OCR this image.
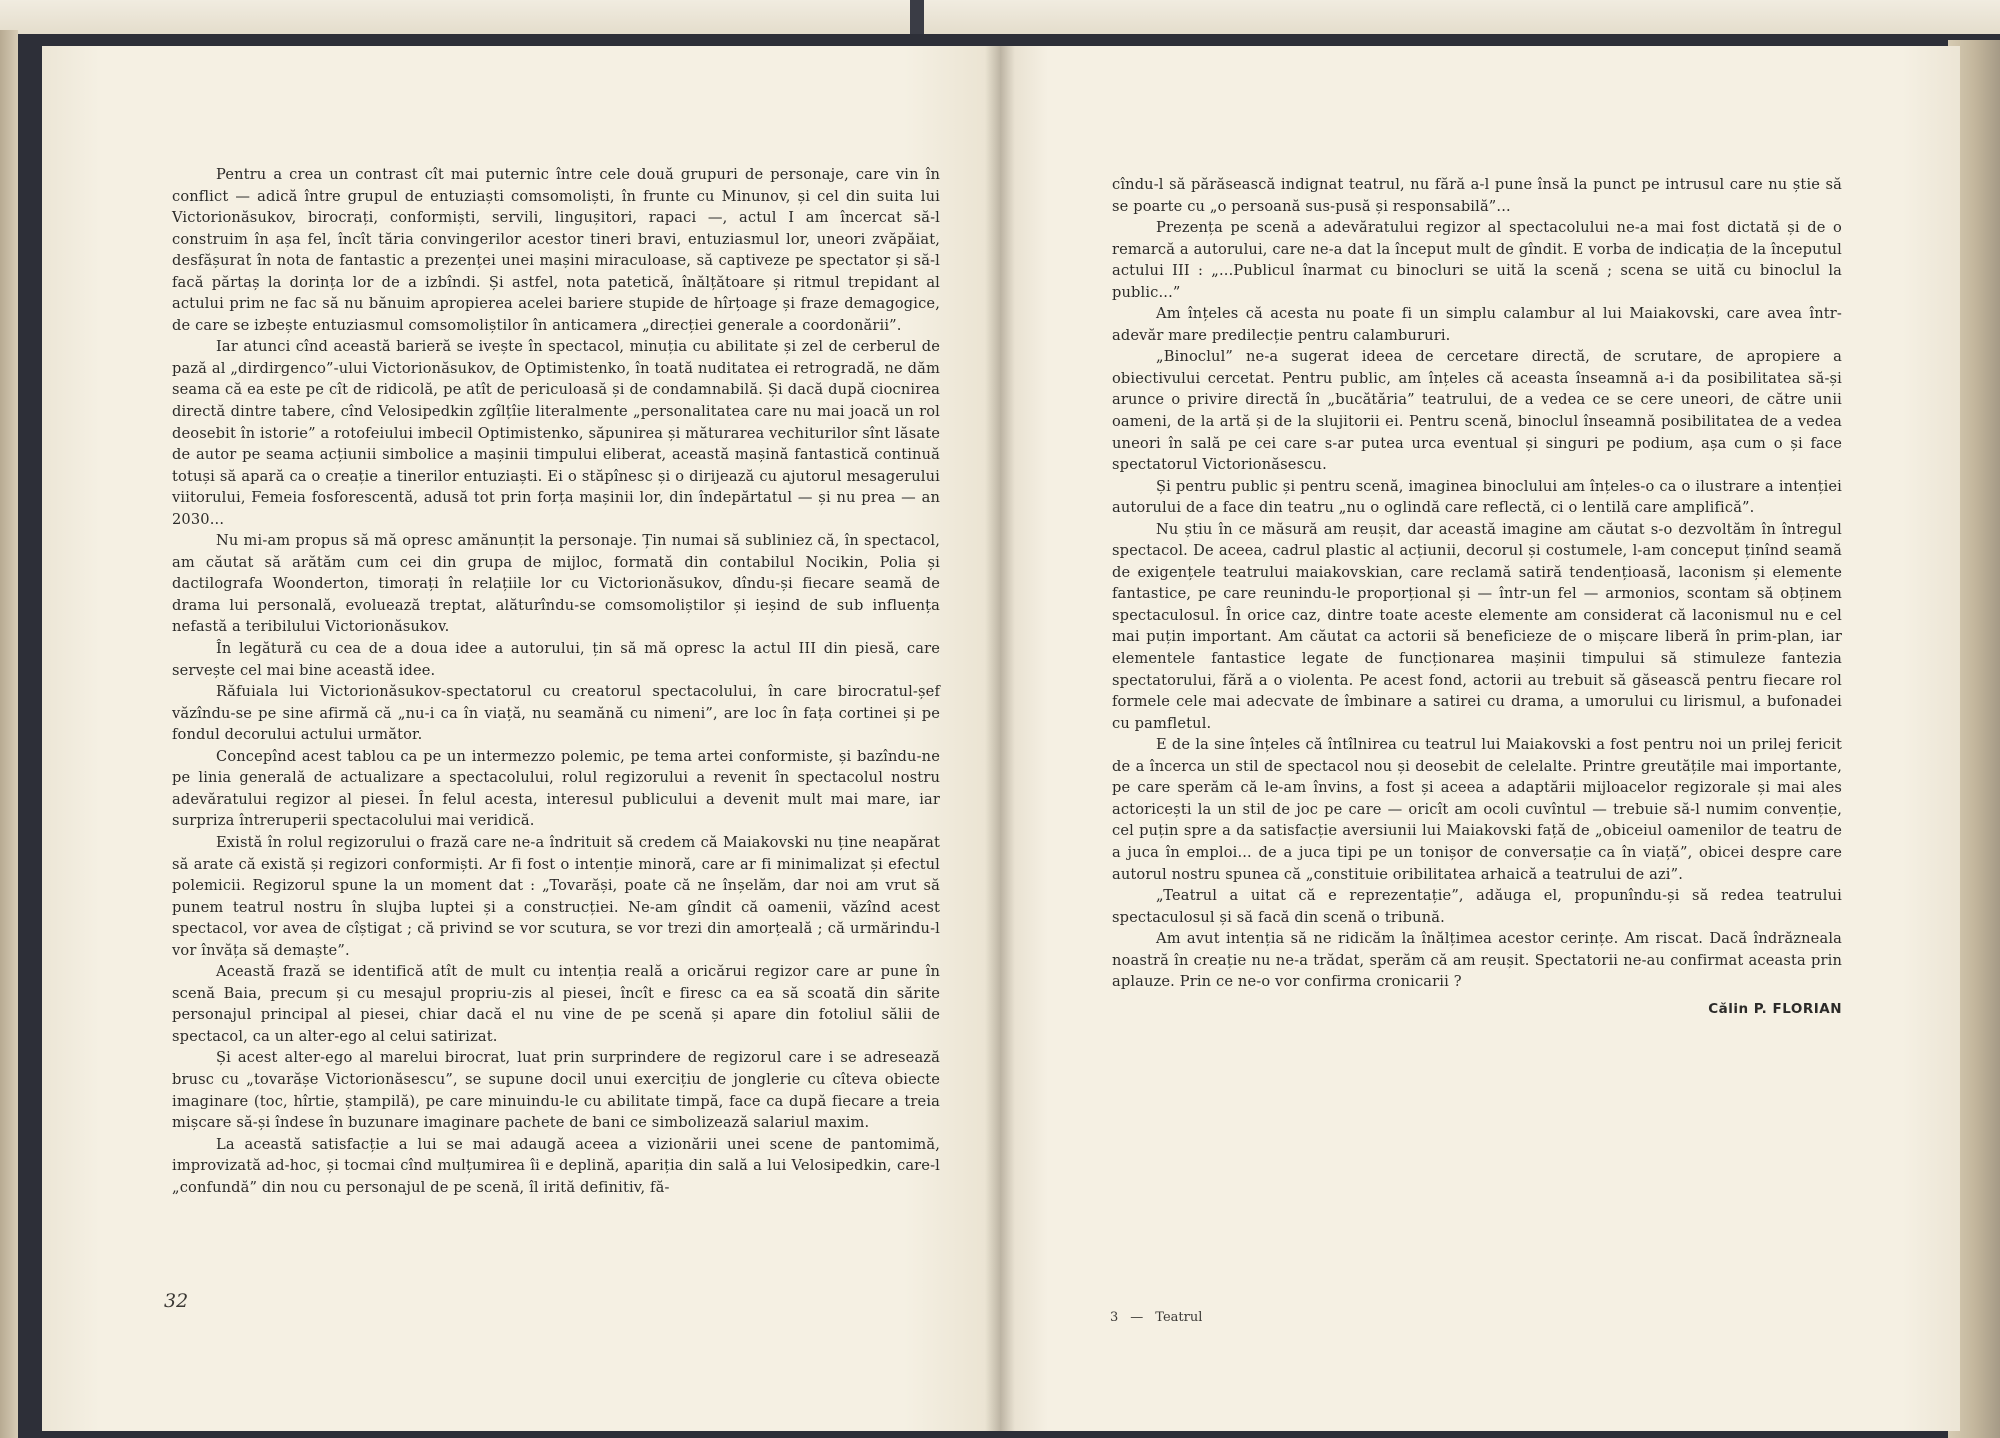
Pentru a crea un contrast cît mai puternic între cele două grupuri de personaje, care vin în conflict — adică între grupul de entuziaști comsomoliști, în frunte cu Minunov, și cel din suita lui Victorionăsukov, birocrați, conformiști, servili, lingușitori, rapaci —, actul I am încercat să-l construim în așa fel, încît tăria convingerilor acestor tineri bravi, entuziasmul lor, uneori zvăpăiat, desfășurat în nota de fantastic a prezenței unei mașini miraculoase, să captiveze pe spectator și să-l facă părtaș la dorința lor de a izbîndi. Și astfel, nota patetică, înălțătoare și ritmul trepidant al actului prim ne fac să nu bănuim apropierea acelei bariere stupide de hîrțoage și fraze demagogice, de care se izbește entuziasmul comsomoliștilor în anticamera „direcției generale a coordonării”.

Iar atunci cînd această barieră se ivește în spectacol, minuția cu abilitate și zel de cerberul de pază al „dirdirgenco”-ului Victorionăsukov, de Optimistenko, în toată nuditatea ei retrogradă, ne dăm seama că ea este pe cît de ridicolă, pe atît de periculoasă și de condamnabilă. Și dacă după ciocnirea directă dintre tabere, cînd Velosipedkin zgîlțîie literalmente „personalitatea care nu mai joacă un rol deosebit în istorie” a rotofeiului imbecil Optimistenko, săpunirea și măturarea vechiturilor sînt lăsate de autor pe seama acțiunii simbolice a mașinii timpului eliberat, această mașină fantastică continuă totuși să apară ca o creație a tinerilor entuziaști. Ei o stăpînesc și o dirijează cu ajutorul mesagerului viitorului, Femeia fosforescentă, adusă tot prin forța mașinii lor, din îndepărtatul — și nu prea — an 2030...

Nu mi-am propus să mă opresc amănunțit la personaje. Țin numai să subliniez că, în spectacol, am căutat să arătăm cum cei din grupa de mijloc, formată din contabilul Nocikin, Polia și dactilografa Woonderton, timorați în relațiile lor cu Victorionăsukov, dîndu-și fiecare seamă de drama lui personală, evoluează treptat, alăturîndu-se comsomoliștilor și ieșind de sub influența nefastă a teribilului Victorionăsukov.

În legătură cu cea de a doua idee a autorului, țin să mă opresc la actul III din piesă, care servește cel mai bine această idee.

Răfuiala lui Victorionăsukov-spectatorul cu creatorul spectacolului, în care birocratul-șef văzîndu-se pe sine afirmă că „nu-i ca în viață, nu seamănă cu nimeni”, are loc în fața cortinei și pe fondul decorului actului următor.

Concepînd acest tablou ca pe un intermezzo polemic, pe tema artei conformiste, și bazîndu-ne pe linia generală de actualizare a spectacolului, rolul regizorului a revenit în spectacolul nostru adevăratului regizor al piesei. În felul acesta, interesul publicului a devenit mult mai mare, iar surpriza întreruperii spectacolului mai veridică.

Există în rolul regizorului o frază care ne-a îndrituit să credem că Maiakovski nu ține neapărat să arate că există și regizori conformiști. Ar fi fost o intenție minoră, care ar fi minimalizat și efectul polemicii. Regizorul spune la un moment dat : „Tovarăși, poate că ne înșelăm, dar noi am vrut să punem teatrul nostru în slujba luptei și a construcției. Ne-am gîndit că oamenii, văzînd acest spectacol, vor avea de cîștigat ; că privind se vor scutura, se vor trezi din amorțeală ; că urmărindu-l vor învăța să demaște”.

Această frază se identifică atît de mult cu intenția reală a oricărui regizor care ar pune în scenă Baia, precum și cu mesajul propriu-zis al piesei, încît e firesc ca ea să scoată din sărite personajul principal al piesei, chiar dacă el nu vine de pe scenă și apare din fotoliul sălii de spectacol, ca un alter-ego al celui satirizat.

Și acest alter-ego al marelui birocrat, luat prin surprindere de regizorul care i se adresează brusc cu „tovarășe Victorionăsescu”, se supune docil unui exercițiu de jonglerie cu cîteva obiecte imaginare (toc, hîrtie, ștampilă), pe care minuindu-le cu abilitate timpă, face ca după fiecare a treia mișcare să-și îndese în buzunare imaginare pachete de bani ce simbolizează salariul maxim.

La această satisfacție a lui se mai adaugă aceea a vizionării unei scene de pantomimă, improvizată ad-hoc, și tocmai cînd mulțumirea îi e deplină, apariția din sală a lui Velosipedkin, care-l „confundă” din nou cu personajul de pe scenă, îl irită definitiv, fă-

32

cîndu-l să părăsească indignat teatrul, nu fără a-l pune însă la punct pe intrusul care nu știe să se poarte cu „o persoană sus-pusă și responsabilă”...

Prezența pe scenă a adevăratului regizor al spectacolului ne-a mai fost dictată și de o remarcă a autorului, care ne-a dat la început mult de gîndit. E vorba de indicația de la începutul actului III : „...Publicul înarmat cu binocluri se uită la scenă ; scena se uită cu binoclul la public...”

Am înțeles că acesta nu poate fi un simplu calambur al lui Maiakovski, care avea într-adevăr mare predilecție pentru calambururi.

„Binoclul” ne-a sugerat ideea de cercetare directă, de scrutare, de apropiere a obiectivului cercetat. Pentru public, am înțeles că aceasta înseamnă a-i da posibilitatea să-și arunce o privire directă în „bucătăria” teatrului, de a vedea ce se cere uneori, de către unii oameni, de la artă și de la slujitorii ei. Pentru scenă, binoclul înseamnă posibilitatea de a vedea uneori în sală pe cei care s-ar putea urca eventual și singuri pe podium, așa cum o și face spectatorul Victorionăsescu.

Și pentru public și pentru scenă, imaginea binoclului am înțeles-o ca o ilustrare a intenției autorului de a face din teatru „nu o oglindă care reflectă, ci o lentilă care amplifică”.

Nu știu în ce măsură am reușit, dar această imagine am căutat s-o dezvoltăm în întregul spectacol. De aceea, cadrul plastic al acțiunii, decorul și costumele, l-am conceput ținînd seamă de exigențele teatrului maiakovskian, care reclamă satiră tendențioasă, laconism și elemente fantastice, pe care reunindu-le proporțional și — într-un fel — armonios, scontam să obținem spectaculosul. În orice caz, dintre toate aceste elemente am considerat că laconismul nu e cel mai puțin important. Am căutat ca actorii să beneficieze de o mișcare liberă în prim-plan, iar elementele fantastice legate de funcționarea mașinii timpului să stimuleze fantezia spectatorului, fără a o violenta. Pe acest fond, actorii au trebuit să găsească pentru fiecare rol formele cele mai adecvate de îmbinare a satirei cu drama, a umorului cu lirismul, a bufonadei cu pamfletul.

E de la sine înțeles că întîlnirea cu teatrul lui Maiakovski a fost pentru noi un prilej fericit de a încerca un stil de spectacol nou și deosebit de celelalte. Printre greutățile mai importante, pe care sperăm că le-am învins, a fost și aceea a adaptării mijloacelor regizorale și mai ales actoricești la un stil de joc pe care — oricît am ocoli cuvîntul — trebuie să-l numim convenție, cel puțin spre a da satisfacție aversiunii lui Maiakovski față de „obiceiul oamenilor de teatru de a juca în emploi... de a juca tipi pe un tonișor de conversație ca în viață”, obicei despre care autorul nostru spunea că „constituie oribilitatea arhaică a teatrului de azi”.

„Teatrul a uitat că e reprezentație”, adăuga el, propunîndu-și să redea teatrului spectaculosul și să facă din scenă o tribună.

Am avut intenția să ne ridicăm la înălțimea acestor cerințe. Am riscat. Dacă îndrăzneala noastră în creație nu ne-a trădat, sperăm că am reușit. Spectatorii ne-au confirmat aceasta prin aplauze. Prin ce ne-o vor confirma cronicarii ?

Călin P. FLORIAN
3 — Teatrul
